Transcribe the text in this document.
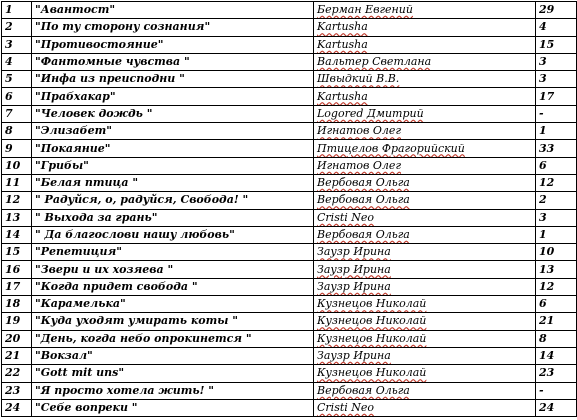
1	"Авантост"	Берман Евгений	29
2	"По ту сторону сознания"	Kartusha	4
3	"Противостояние"	Kartusha	15
4	"Фантомные чувства "	Вальтер Светлана	3
5	"Инфа из преисподни "	Швыдкий В.В.	3
6	"Прабхакар"	Kartusha	17
7	"Человек дождь "	Logored Дмитрий	-
8	"Элизабет"	Игнатов Олег	1
9	"Покаяние"	Птицелов Фрагорийский	33
10	"Грибы"	Игнатов Олег	6
11	"Белая птица "	Вербовая Ольга	12
12	" Радуйся, о, радуйся, Свобода! "	Вербовая Ольга	2
13	" Выхода за грань"	Cristi Nео	3
14	" Да благослови нашу любовь"	Вербовая Ольга	1
15	"Репетиция"	Заузр Ирина	10
16	"Звери и их хозяева "	Заузр Ирина	13
17	"Когда придет свобода "	Заузр Ирина	12
18	"Карамелька"	Кузнецов Николай	6
19	"Куда уходят умирать коты "	Кузнецов Николай	21
20	"День, когда небо опрокинется "	Кузнецов Николай	8
21	"Вокзал"	Заузр Ирина	14
22	"Gott mit uns"	Кузнецов Николай	23
23	"Я просто хотела жить! "	Вербовая Ольга	-
24	"Себе вопреки "	Cristi Nео	24
